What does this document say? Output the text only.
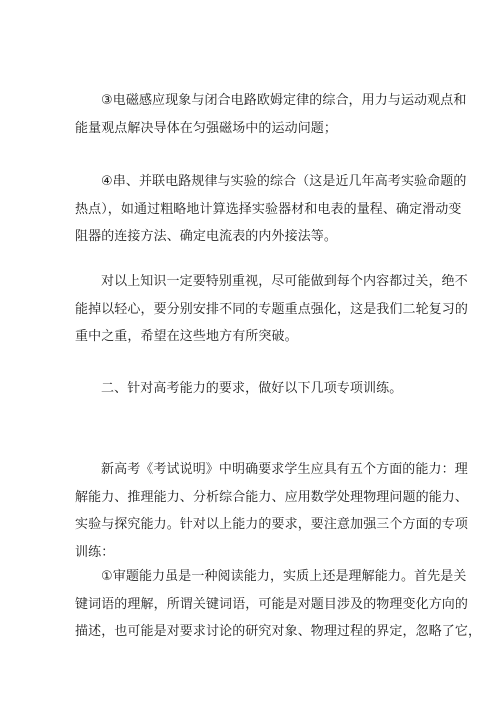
③电磁感应现象与闭合电路欧姆定律的综合，用力与运动观点和
能量观点解决导体在匀强磁场中的运动问题；

④串、并联电路规律与实验的综合（这是近几年高考实验命题的
热点），如通过粗略地计算选择实验器材和电表的量程、确定滑动变
阻器的连接方法、确定电流表的内外接法等。

对以上知识一定要特别重视，尽可能做到每个内容都过关，绝不
能掉以轻心，要分别安排不同的专题重点强化，这是我们二轮复习的
重中之重，希望在这些地方有所突破。

二、针对高考能力的要求，做好以下几项专项训练。

新高考《考试说明》中明确要求学生应具有五个方面的能力：理
解能力、推理能力、分析综合能力、应用数学处理物理问题的能力、
实验与探究能力。针对以上能力的要求，要注意加强三个方面的专项
训练：

①审题能力虽是一种阅读能力，实质上还是理解能力。首先是关
键词语的理解，所谓关键词语，可能是对题目涉及的物理变化方向的
描述，也可能是对要求讨论的研究对象、物理过程的界定，忽略了它，
